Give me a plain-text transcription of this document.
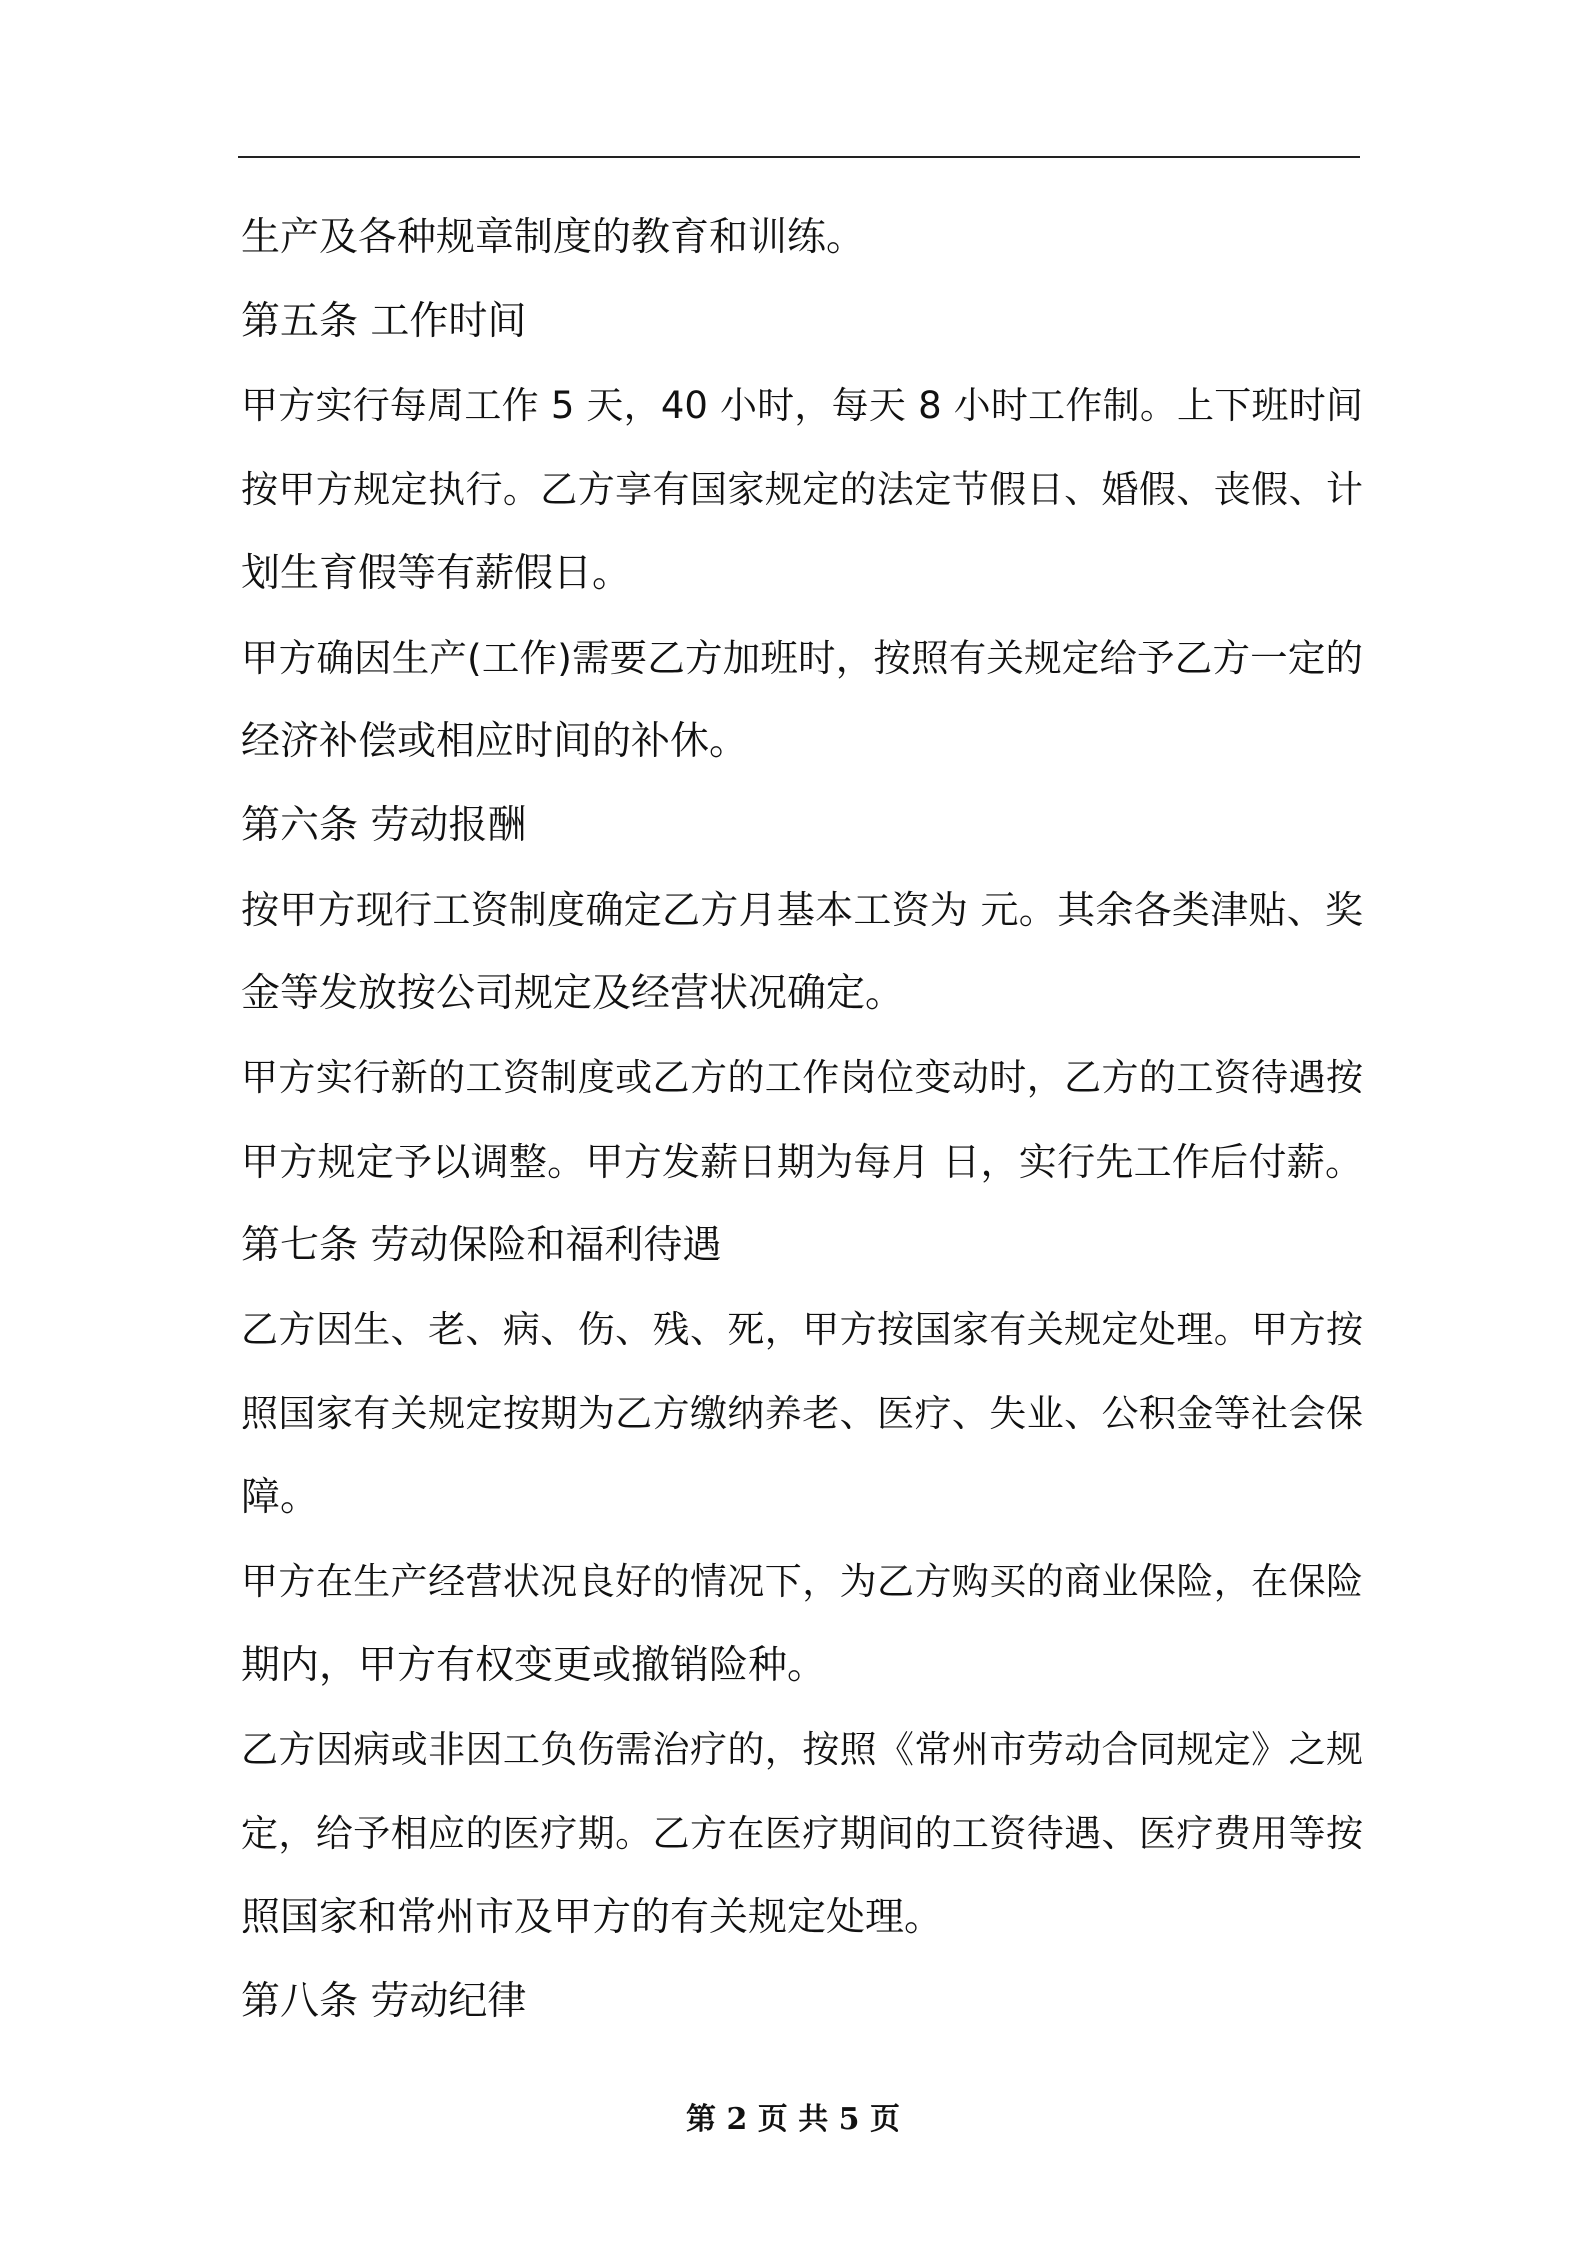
生产及各种规章制度的教育和训练。
第五条 工作时间
甲方实行每周工作 5 天，40 小时，每天 8 小时工作制。上下班时间
按甲方规定执行。乙方享有国家规定的法定节假日、婚假、丧假、计
划生育假等有薪假日。
甲方确因生产(工作)需要乙方加班时，按照有关规定给予乙方一定的
经济补偿或相应时间的补休。
第六条 劳动报酬
按甲方现行工资制度确定乙方月基本工资为 元。其余各类津贴、奖
金等发放按公司规定及经营状况确定。
甲方实行新的工资制度或乙方的工作岗位变动时，乙方的工资待遇按
甲方规定予以调整。甲方发薪日期为每月 日，实行先工作后付薪。
第七条 劳动保险和福利待遇
乙方因生、老、病、伤、残、死，甲方按国家有关规定处理。甲方按
照国家有关规定按期为乙方缴纳养老、医疗、失业、公积金等社会保
障。
甲方在生产经营状况良好的情况下，为乙方购买的商业保险，在保险
期内，甲方有权变更或撤销险种。
乙方因病或非因工负伤需治疗的，按照《常州市劳动合同规定》之规
定，给予相应的医疗期。乙方在医疗期间的工资待遇、医疗费用等按
照国家和常州市及甲方的有关规定处理。
第八条 劳动纪律
第 2 页 共 5 页
